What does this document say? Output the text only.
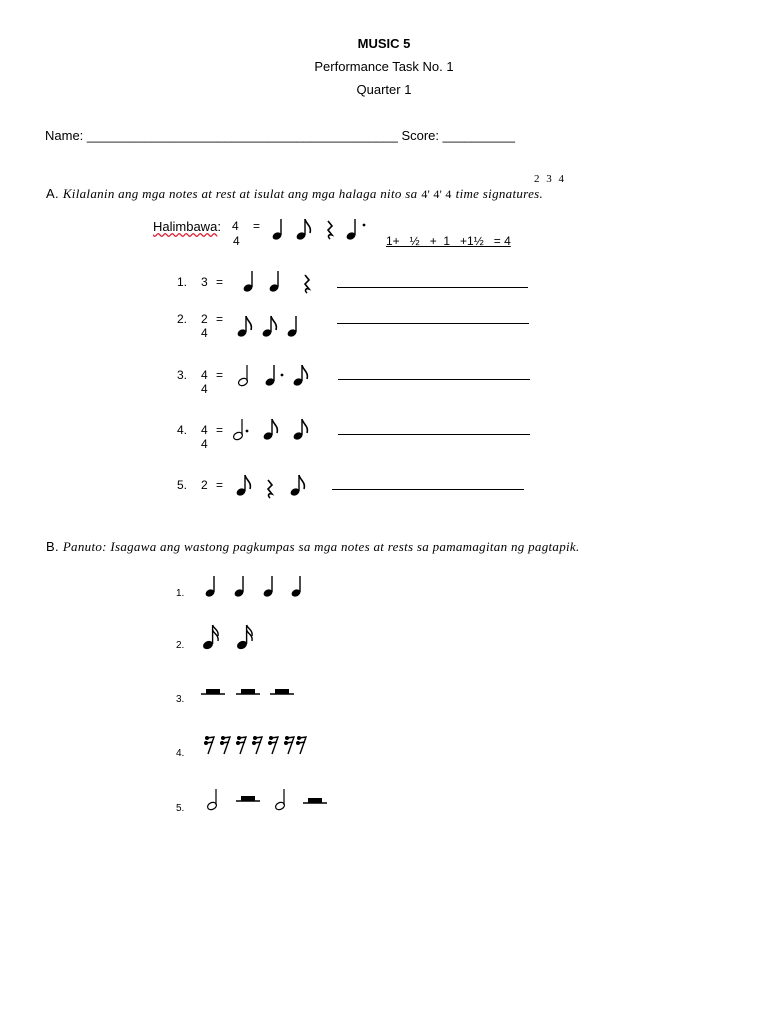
MUSIC 5
Performance Task No. 1
Quarter 1
Name: ___________________________________________ Score: __________
2 3 4
A. Kilalanin ang mga notes at rest at isulat ang mga halaga nito sa 4' 4' 4 time signatures.
Halimbawa: 4
4
=
1+   ½   +  1   +1½   = 4
1. 3 =
2. 2
4
=
3. 4
4
=
4. 4
4
=
5. 2 =
B. Panuto: Isagawa ang wastong pagkumpas sa mga notes at rests sa pamamagitan ng pagtapik.
1.
2.
3.
4.
5.
